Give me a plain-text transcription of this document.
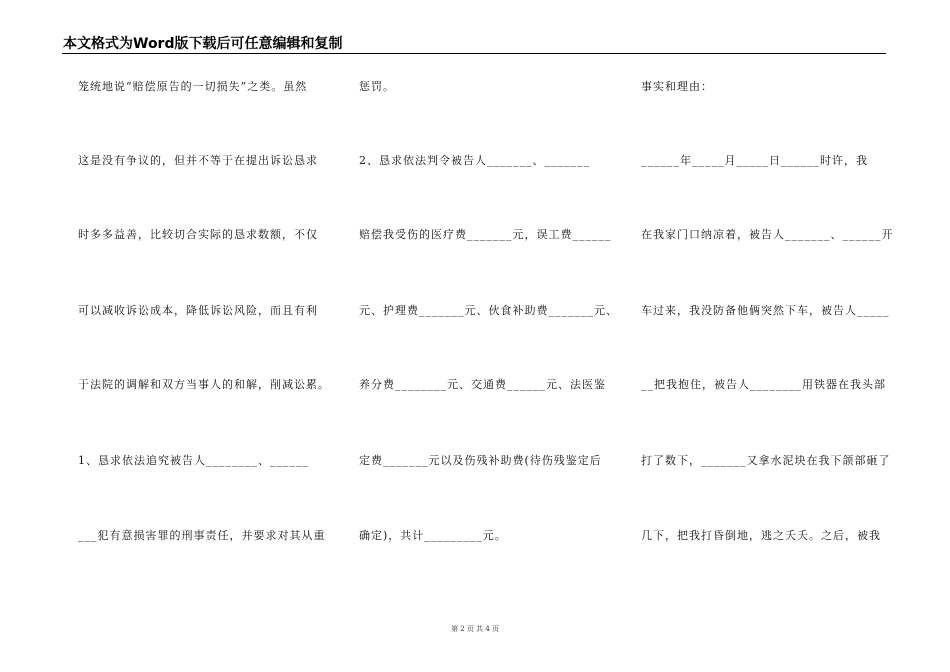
本文格式为Word版下载后可任意编辑和复制
笼统地说“赔偿原告的一切损失”之类。虽然
这是没有争议的，但并不等于在提出诉讼恳求
时多多益善，比较切合实际的恳求数额，不仅
可以减收诉讼成本，降低诉讼风险，而且有利
于法院的调解和双方当事人的和解，削减讼累。
1、恳求依法追究被告人________、______
___犯有意损害罪的刑事责任，并要求对其从重
惩罚。
2、恳求依法判令被告人_______、_______
赔偿我受伤的医疗费_______元，误工费______
元、护理费_______元、伙食补助费_______元、
养分费________元、交通费______元、法医鉴
定费_______元以及伤残补助费(待伤残鉴定后
确定)，共计_________元。
事实和理由：
______年_____月_____日______时许，我
在我家门口纳凉着，被告人_______、______开
车过来，我没防备他俩突然下车，被告人_____
__把我抱住，被告人________用铁器在我头部
打了数下，_______又拿水泥块在我下颌部砸了
几下，把我打昏倒地，逃之夭夭。之后，被我
第 2 页 共 4 页
